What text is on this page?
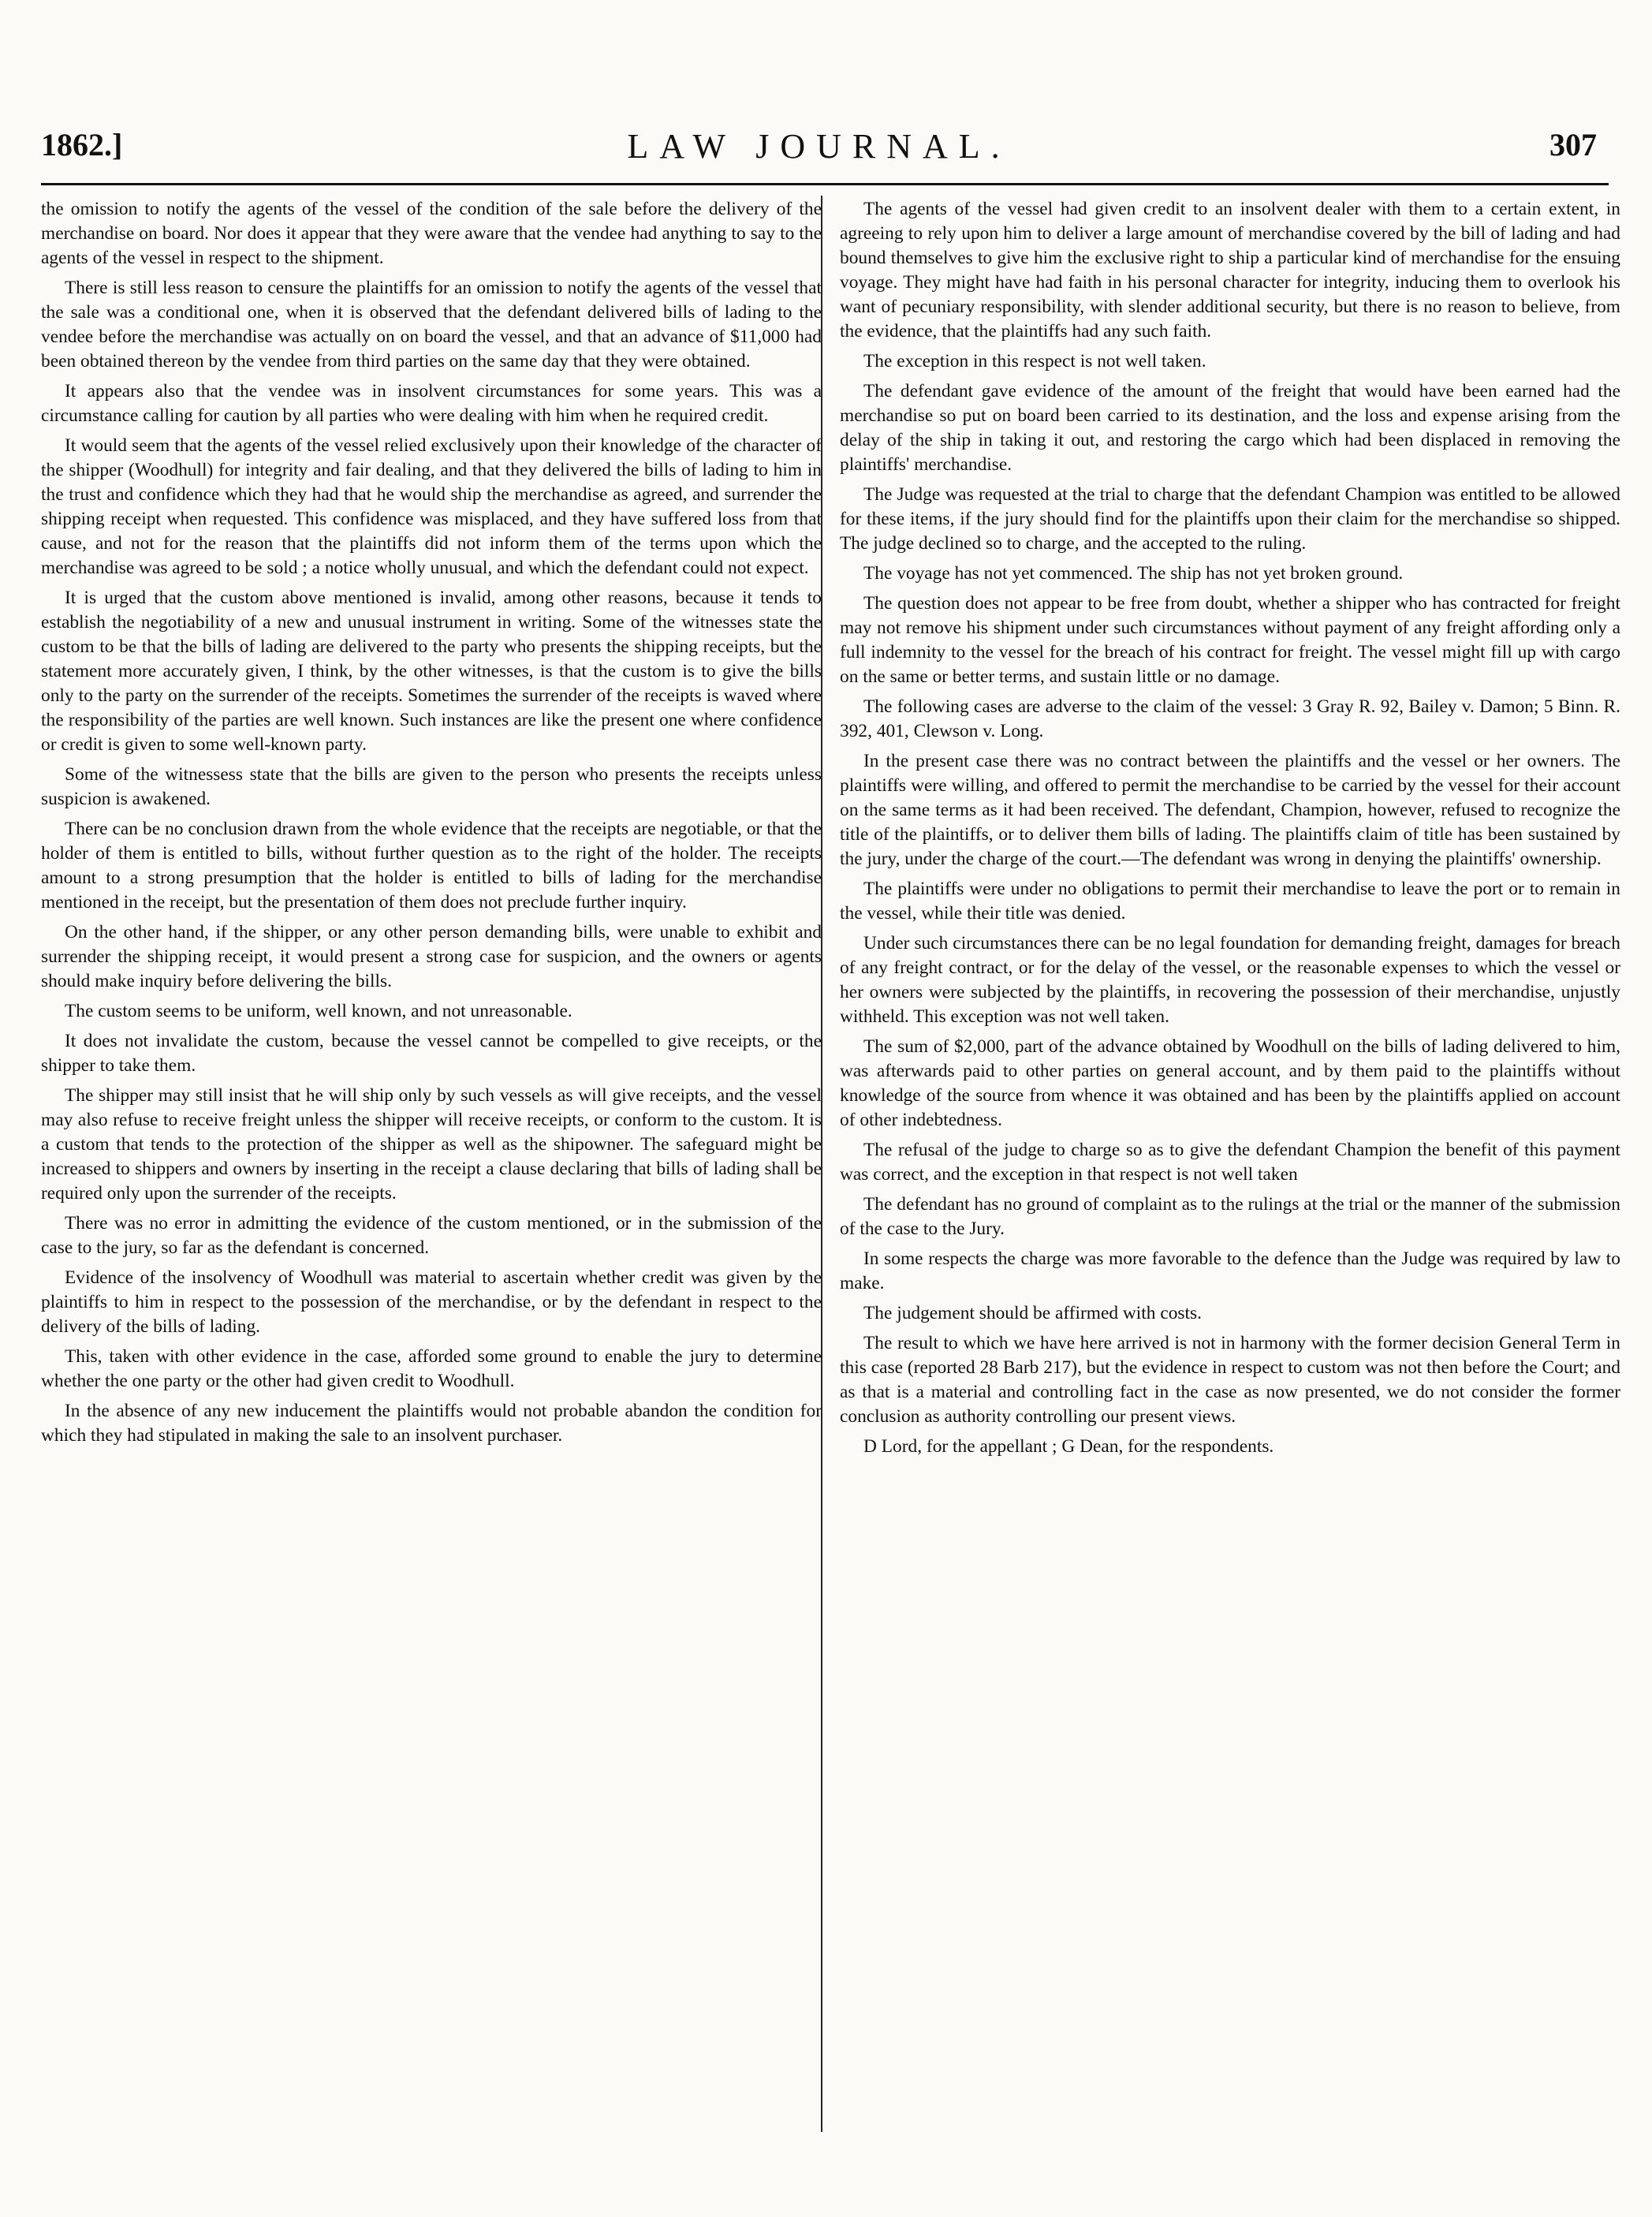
1862.]	LAW JOURNAL.	307

the omission to notify the agents of the vessel of the condition of the sale before the delivery of the merchandise on board. Nor does it appear that they were aware that the vendee had anything to say to the agents of the vessel in respect to the shipment.

There is still less reason to censure the plaintiffs for an omission to notify the agents of the vessel that the sale was a conditional one, when it is observed that the defendant delivered bills of lading to the vendee before the merchandise was actually on on board the vessel, and that an advance of $11,000 had been obtained thereon by the vendee from third parties on the same day that they were obtained.

It appears also that the vendee was in insolvent circumstances for some years. This was a circumstance calling for caution by all parties who were dealing with him when he required credit.

It would seem that the agents of the vessel relied exclusively upon their knowledge of the character of the shipper (Woodhull) for integrity and fair dealing, and that they delivered the bills of lading to him in the trust and confidence which they had that he would ship the merchandise as agreed, and surrender the shipping receipt when requested. This confidence was misplaced, and they have suffered loss from that cause, and not for the reason that the plaintiffs did not inform them of the terms upon which the merchandise was agreed to be sold ; a notice wholly unusual, and which the defendant could not expect.

It is urged that the custom above mentioned is invalid, among other reasons, because it tends to establish the negotiability of a new and unusual instrument in writing. Some of the witnesses state the custom to be that the bills of lading are delivered to the party who presents the shipping receipts, but the statement more accurately given, I think, by the other witnesses, is that the custom is to give the bills only to the party on the surrender of the receipts. Sometimes the surrender of the receipts is waved where the responsibility of the parties are well known. Such instances are like the present one where confidence or credit is given to some well-known party.

Some of the witnessess state that the bills are given to the person who presents the receipts unless suspicion is awakened.

There can be no conclusion drawn from the whole evidence that the receipts are negotiable, or that the holder of them is entitled to bills, without further question as to the right of the holder. The receipts amount to a strong presumption that the holder is entitled to bills of lading for the merchandise mentioned in the receipt, but the presentation of them does not preclude further inquiry.

On the other hand, if the shipper, or any other person demanding bills, were unable to exhibit and surrender the shipping receipt, it would present a strong case for suspicion, and the owners or agents should make inquiry before delivering the bills.

The custom seems to be uniform, well known, and not unreasonable.

It does not invalidate the custom, because the vessel cannot be compelled to give receipts, or the shipper to take them.

The shipper may still insist that he will ship only by such vessels as will give receipts, and the vessel may also refuse to receive freight unless the shipper will receive receipts, or conform to the custom. It is a custom that tends to the protection of the shipper as well as the shipowner. The safeguard might be increased to shippers and owners by inserting in the receipt a clause declaring that bills of lading shall be required only upon the surrender of the receipts.

There was no error in admitting the evidence of the custom mentioned, or in the submission of the case to the jury, so far as the defendant is concerned.

Evidence of the insolvency of Woodhull was material to ascertain whether credit was given by the plaintiffs to him in respect to the possession of the merchandise, or by the defendant in respect to the delivery of the bills of lading.

This, taken with other evidence in the case, afforded some ground to enable the jury to determine whether the one party or the other had given credit to Woodhull.

In the absence of any new inducement the plaintiffs would not probable abandon the condition for which they had stipulated in making the sale to an insolvent purchaser.

The agents of the vessel had given credit to an insolvent dealer with them to a certain extent, in agreeing to rely upon him to deliver a large amount of merchandise covered by the bill of lading and had bound themselves to give him the exclusive right to ship a particular kind of merchandise for the ensuing voyage. They might have had faith in his personal character for integrity, inducing them to overlook his want of pecuniary responsibility, with slender additional security, but there is no reason to believe, from the evidence, that the plaintiffs had any such faith.

The exception in this respect is not well taken.

The defendant gave evidence of the amount of the freight that would have been earned had the merchandise so put on board been carried to its destination, and the loss and expense arising from the delay of the ship in taking it out, and restoring the cargo which had been displaced in removing the plaintiffs' merchandise.

The Judge was requested at the trial to charge that the defendant Champion was entitled to be allowed for these items, if the jury should find for the plaintiffs upon their claim for the merchandise so shipped. The judge declined so to charge, and the accepted to the ruling.

The voyage has not yet commenced. The ship has not yet broken ground.

The question does not appear to be free from doubt, whether a shipper who has contracted for freight may not remove his shipment under such circumstances without payment of any freight affording only a full indemnity to the vessel for the breach of his contract for freight. The vessel might fill up with cargo on the same or better terms, and sustain little or no damage.

The following cases are adverse to the claim of the vessel: 3 Gray R. 92, Bailey v. Damon; 5 Binn. R. 392, 401, Clewson v. Long.

In the present case there was no contract between the plaintiffs and the vessel or her owners. The plaintiffs were willing, and offered to permit the merchandise to be carried by the vessel for their account on the same terms as it had been received. The defendant, Champion, however, refused to recognize the title of the plaintiffs, or to deliver them bills of lading. The plaintiffs claim of title has been sustained by the jury, under the charge of the court.—The defendant was wrong in denying the plaintiffs' ownership.

The plaintiffs were under no obligations to permit their merchandise to leave the port or to remain in the vessel, while their title was denied.

Under such circumstances there can be no legal foundation for demanding freight, damages for breach of any freight contract, or for the delay of the vessel, or the reasonable expenses to which the vessel or her owners were subjected by the plaintiffs, in recovering the possession of their merchandise, unjustly withheld. This exception was not well taken.

The sum of $2,000, part of the advance obtained by Woodhull on the bills of lading delivered to him, was afterwards paid to other parties on general account, and by them paid to the plaintiffs without knowledge of the source from whence it was obtained and has been by the plaintiffs applied on account of other indebtedness.

The refusal of the judge to charge so as to give the defendant Champion the benefit of this payment was correct, and the exception in that respect is not well taken

The defendant has no ground of complaint as to the rulings at the trial or the manner of the submission of the case to the Jury.

In some respects the charge was more favorable to the defence than the Judge was required by law to make.

The judgement should be affirmed with costs.

The result to which we have here arrived is not in harmony with the former decision General Term in this case (reported 28 Barb 217), but the evidence in respect to custom was not then before the Court; and as that is a material and controlling fact in the case as now presented, we do not consider the former conclusion as authority controlling our present views.

D Lord, for the appellant ; G Dean, for the respondents.
